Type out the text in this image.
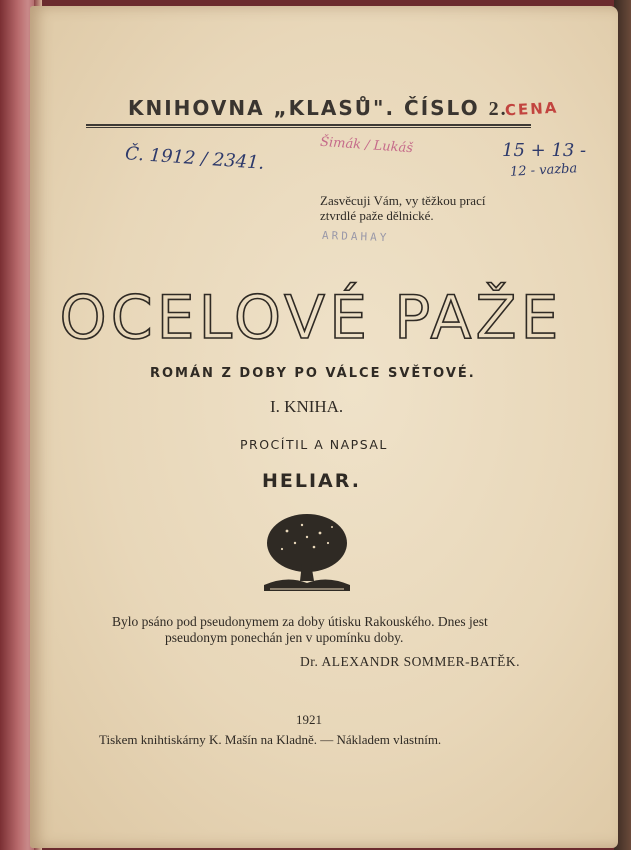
KNIHOVNA „KLASŮ". ČÍSLO 2.
CENA
Č. 1912 / 2341.	Šimák / Lukáš	15 + 13 -
12 - vazba
Zasvěcuji Vám, vy těžkou prací
ztvrdlé paže dělnické.
ARDAHAY
OCELOVÉ PAŽE
ROMÁN Z DOBY PO VÁLCE SVĚTOVÉ.
I. KNIHA.
PROCÍTIL A NAPSAL
HELIAR.
Bylo psáno pod pseudonymem za doby útisku Rakouského. Dnes jest
pseudonym ponechán jen v upomínku doby.
Dr. ALEXANDR SOMMER-BATĚK.
1921
Tiskem knihtiskárny K. Mašín na Kladně. — Nákladem vlastním.
